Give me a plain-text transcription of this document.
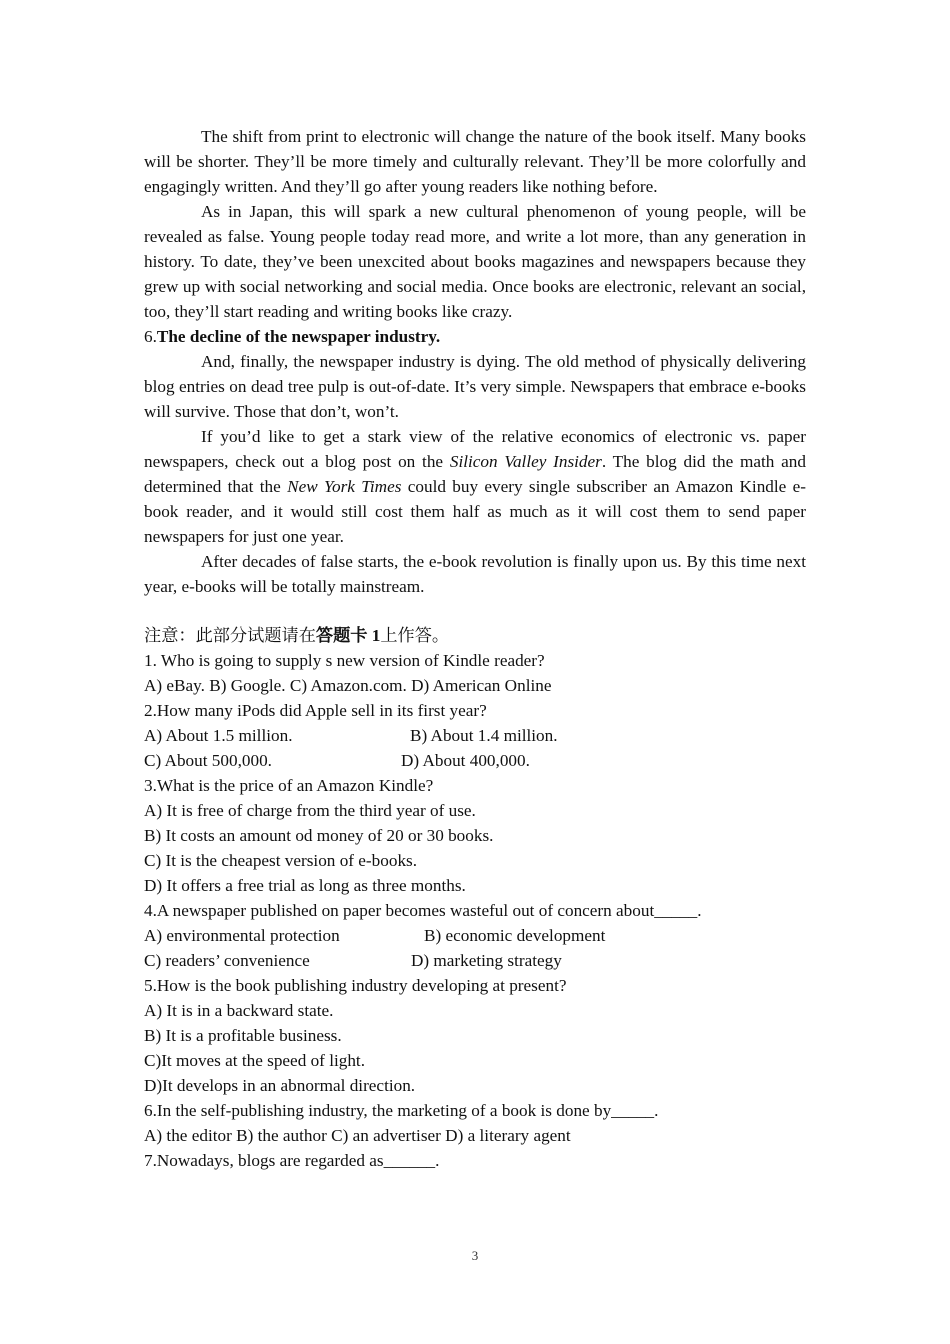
The shift from print to electronic will change the nature of the book itself. Many books will be shorter. They’ll be more timely and culturally relevant. They’ll be more colorfully and engagingly written. And they’ll go after young readers like nothing before.

As in Japan, this will spark a new cultural phenomenon of young people, will be revealed as false. Young people today read more, and write a lot more, than any generation in history. To date, they’ve been unexcited about books magazines and newspapers because they grew up with social networking and social media. Once books are electronic, relevant an social, too, they’ll start reading and writing books like crazy.

6.The decline of the newspaper industry.

And, finally, the newspaper industry is dying. The old method of physically delivering blog entries on dead tree pulp is out-of-date. It’s very simple. Newspapers that embrace e-books will survive. Those that don’t, won’t.

If you’d like to get a stark view of the relative economics of electronic vs. paper newspapers, check out a blog post on the Silicon Valley Insider. The blog did the math and determined that the New York Times could buy every single subscriber an Amazon Kindle e-book reader, and it would still cost them half as much as it will cost them to send paper newspapers for just one year.

After decades of false starts, the e-book revolution is finally upon us. By this time next year, e-books will be totally mainstream.

注意：此部分试题请在答题卡 1上作答。

1. Who is going to supply s new version of Kindle reader?

A) eBay. B) Google. C) Amazon.com. D) American Online

2.How many iPods did Apple sell in its first year?

A) About 1.5 million.	B) About 1.4 million.

C) About 500,000.	D) About 400,000.

3.What is the price of an Amazon Kindle?

A) It is free of charge from the third year of use.

B) It costs an amount od money of 20 or 30 books.

C) It is the cheapest version of e-books.

D) It offers a free trial as long as three months.

4.A newspaper published on paper becomes wasteful out of concern about_____.

A) environmental protection	B) economic development

C) readers’ convenience	D) marketing strategy

5.How is the book publishing industry developing at present?

A) It is in a backward state.

B) It is a profitable business.

C)It moves at the speed of light.

D)It develops in an abnormal direction.

6.In the self-publishing industry, the marketing of a book is done by_____.

A) the editor B) the author C) an advertiser D) a literary agent

7.Nowadays, blogs are regarded as______.

3
